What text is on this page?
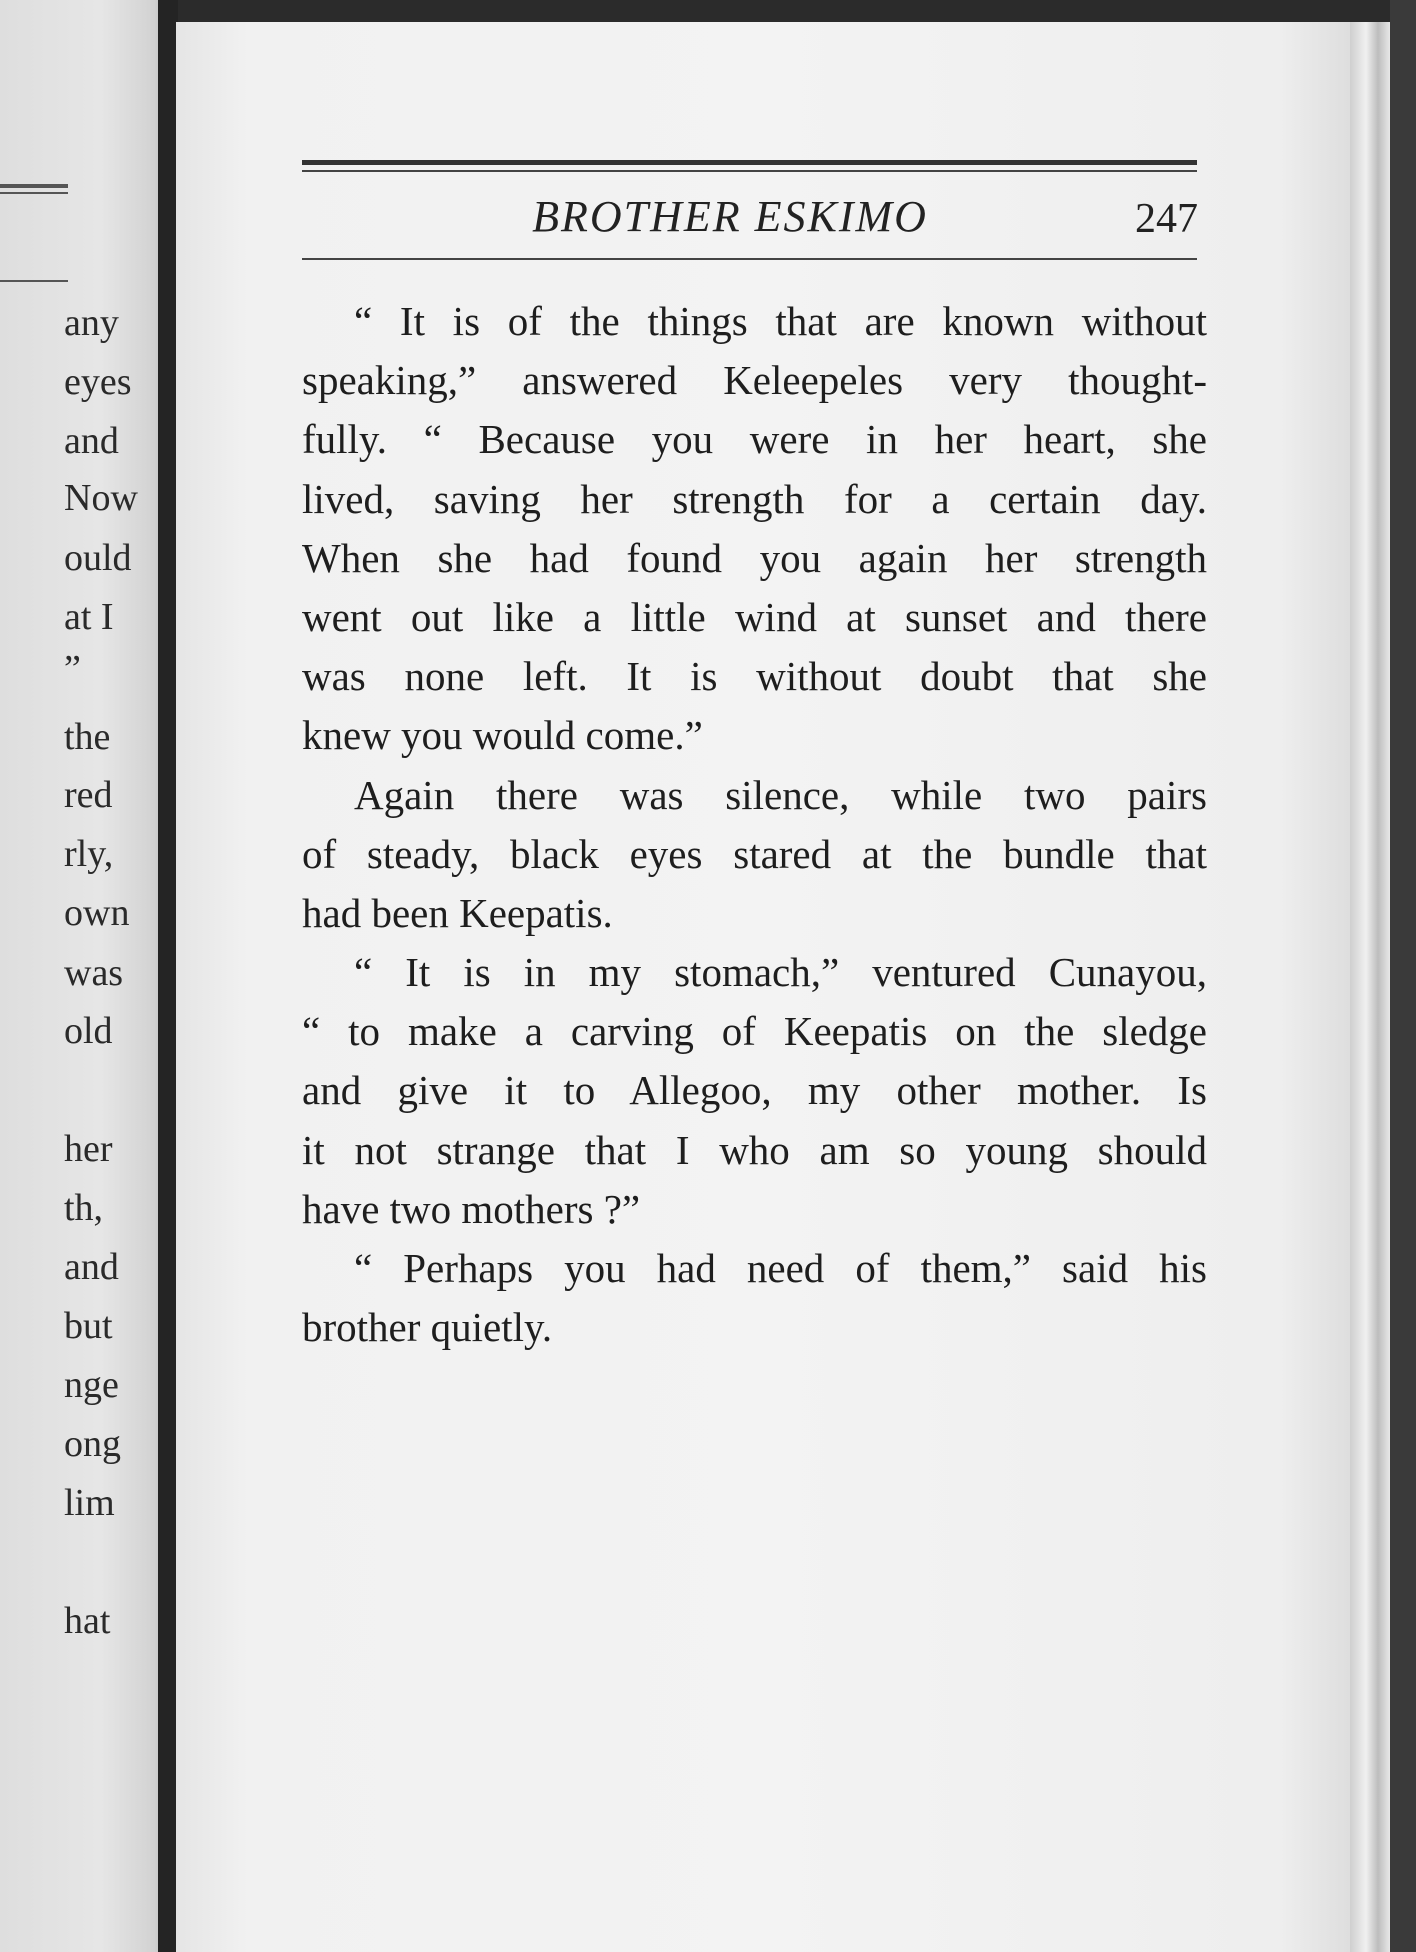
any
eyes
and
Now
ould
at I
”
the
red
rly,
own
was
old
her
th,
and
but
nge
ong
lim
hat
BROTHER ESKIMO	247
“ It is of the things that are known without
speaking,” answered Keleepeles very thought-
fully. “ Because you were in her heart, she
lived, saving her strength for a certain day.
When she had found you again her strength
went out like a little wind at sunset and there
was none left. It is without doubt that she
knew you would come.”
Again there was silence, while two pairs
of steady, black eyes stared at the bundle that
had been Keepatis.
“ It is in my stomach,” ventured Cunayou,
“ to make a carving of Keepatis on the sledge
and give it to Allegoo, my other mother. Is
it not strange that I who am so young should
have two mothers ?”
“ Perhaps you had need of them,” said his
brother quietly.
